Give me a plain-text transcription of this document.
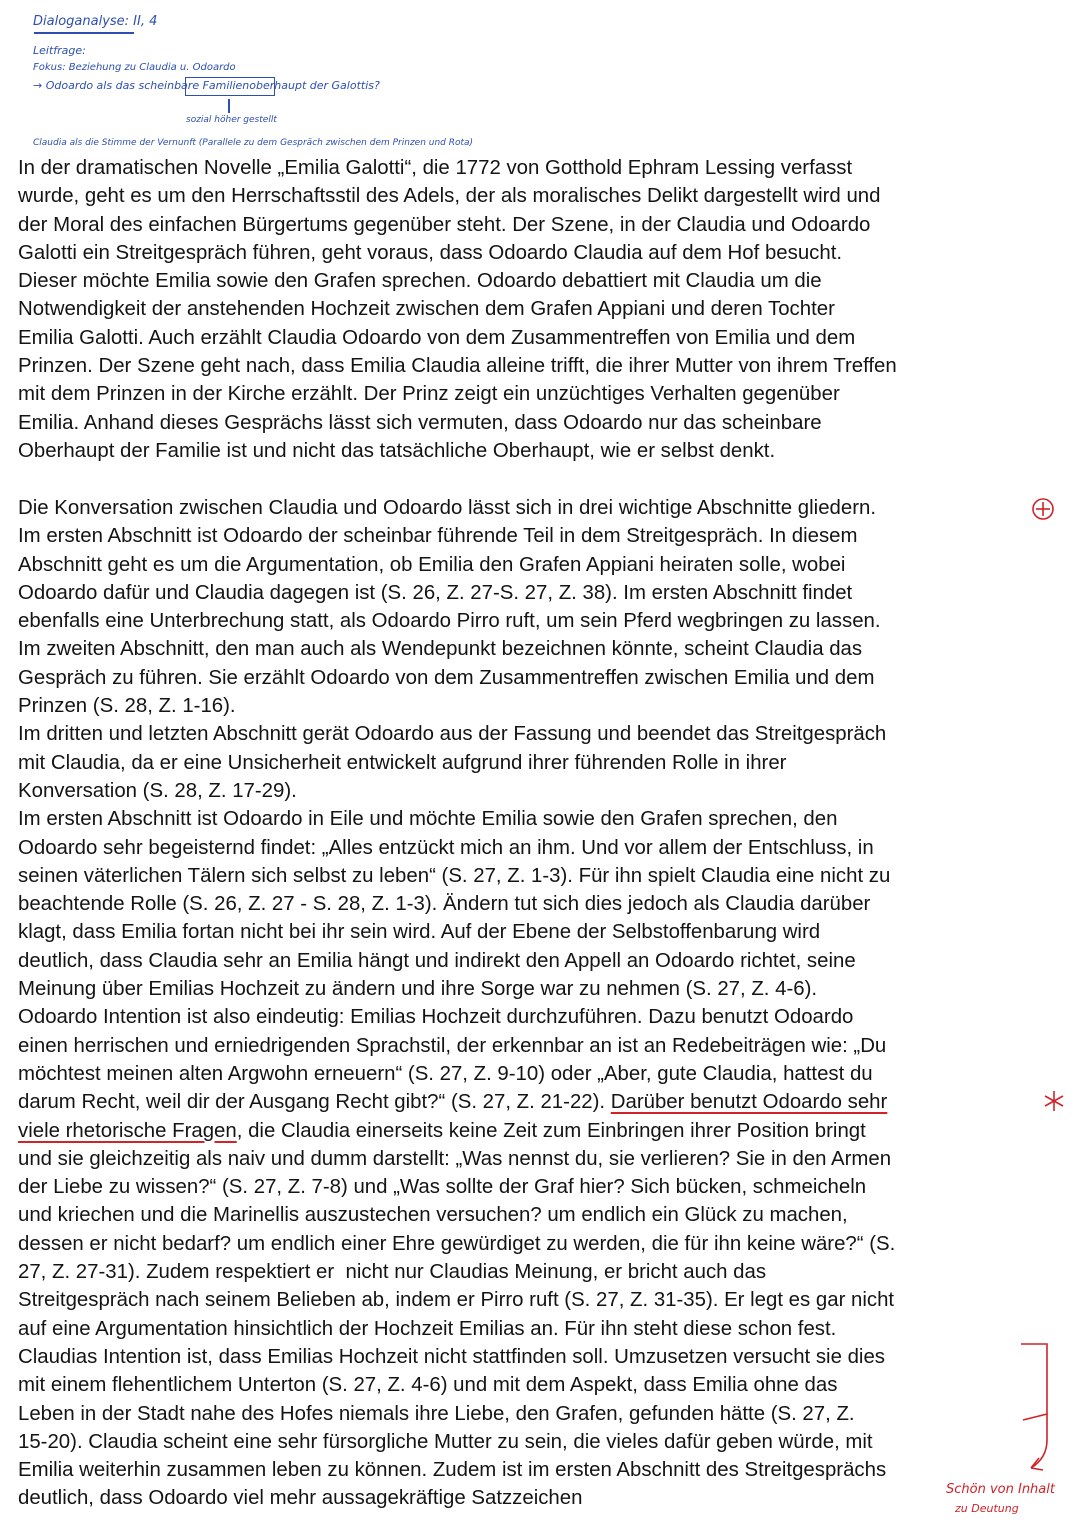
Dialoganalyse: II, 4
Leitfrage:
Fokus: Beziehung zu Claudia u. Odoardo
→ Odoardo als das scheinbare Familienoberhaupt der Galottis?
sozial höher gestellt
Claudia als die Stimme der Vernunft (Parallele zu dem Gespräch zwischen dem Prinzen und Rota)

In der dramatischen Novelle „Emilia Galotti“, die 1772 von Gotthold Ephram Lessing verfasst
wurde, geht es um den Herrschaftsstil des Adels, der als moralisches Delikt dargestellt wird und
der Moral des einfachen Bürgertums gegenüber steht. Der Szene, in der Claudia und Odoardo
Galotti ein Streitgespräch führen, geht voraus, dass Odoardo Claudia auf dem Hof besucht.
Dieser möchte Emilia sowie den Grafen sprechen. Odoardo debattiert mit Claudia um die
Notwendigkeit der anstehenden Hochzeit zwischen dem Grafen Appiani und deren Tochter
Emilia Galotti. Auch erzählt Claudia Odoardo von dem Zusammentreffen von Emilia und dem
Prinzen. Der Szene geht nach, dass Emilia Claudia alleine trifft, die ihrer Mutter von ihrem Treffen
mit dem Prinzen in der Kirche erzählt. Der Prinz zeigt ein unzüchtiges Verhalten gegenüber
Emilia. Anhand dieses Gesprächs lässt sich vermuten, dass Odoardo nur das scheinbare
Oberhaupt der Familie ist und nicht das tatsächliche Oberhaupt, wie er selbst denkt.

Die Konversation zwischen Claudia und Odoardo lässt sich in drei wichtige Abschnitte gliedern.
Im ersten Abschnitt ist Odoardo der scheinbar führende Teil in dem Streitgespräch. In diesem
Abschnitt geht es um die Argumentation, ob Emilia den Grafen Appiani heiraten solle, wobei
Odoardo dafür und Claudia dagegen ist (S. 26, Z. 27-S. 27, Z. 38). Im ersten Abschnitt findet
ebenfalls eine Unterbrechung statt, als Odoardo Pirro ruft, um sein Pferd wegbringen zu lassen.
Im zweiten Abschnitt, den man auch als Wendepunkt bezeichnen könnte, scheint Claudia das
Gespräch zu führen. Sie erzählt Odoardo von dem Zusammentreffen zwischen Emilia und dem
Prinzen (S. 28, Z. 1-16).
Im dritten und letzten Abschnitt gerät Odoardo aus der Fassung und beendet das Streitgespräch
mit Claudia, da er eine Unsicherheit entwickelt aufgrund ihrer führenden Rolle in ihrer
Konversation (S. 28, Z. 17-29).
Im ersten Abschnitt ist Odoardo in Eile und möchte Emilia sowie den Grafen sprechen, den
Odoardo sehr begeisternd findet: „Alles entzückt mich an ihm. Und vor allem der Entschluss, in
seinen väterlichen Tälern sich selbst zu leben“ (S. 27, Z. 1-3). Für ihn spielt Claudia eine nicht zu
beachtende Rolle (S. 26, Z. 27 - S. 28, Z. 1-3). Ändern tut sich dies jedoch als Claudia darüber
klagt, dass Emilia fortan nicht bei ihr sein wird. Auf der Ebene der Selbstoffenbarung wird
deutlich, dass Claudia sehr an Emilia hängt und indirekt den Appell an Odoardo richtet, seine
Meinung über Emilias Hochzeit zu ändern und ihre Sorge war zu nehmen (S. 27, Z. 4-6).
Odoardo Intention ist also eindeutig: Emilias Hochzeit durchzuführen. Dazu benutzt Odoardo
einen herrischen und erniedrigenden Sprachstil, der erkennbar an ist an Redebeiträgen wie: „Du
möchtest meinen alten Argwohn erneuern“ (S. 27, Z. 9-10) oder „Aber, gute Claudia, hattest du
darum Recht, weil dir der Ausgang Recht gibt?“ (S. 27, Z. 21-22). Darüber benutzt Odoardo sehr
viele rhetorische Fragen, die Claudia einerseits keine Zeit zum Einbringen ihrer Position bringt
und sie gleichzeitig als naiv und dumm darstellt: „Was nennst du, sie verlieren? Sie in den Armen
der Liebe zu wissen?“ (S. 27, Z. 7-8) und „Was sollte der Graf hier? Sich bücken, schmeicheln
und kriechen und die Marinellis auszustechen versuchen? um endlich ein Glück zu machen,
dessen er nicht bedarf? um endlich einer Ehre gewürdiget zu werden, die für ihn keine wäre?“ (S.
27, Z. 27-31). Zudem respektiert er  nicht nur Claudias Meinung, er bricht auch das
Streitgespräch nach seinem Belieben ab, indem er Pirro ruft (S. 27, Z. 31-35). Er legt es gar nicht
auf eine Argumentation hinsichtlich der Hochzeit Emilias an. Für ihn steht diese schon fest.
Claudias Intention ist, dass Emilias Hochzeit nicht stattfinden soll. Umzusetzen versucht sie dies
mit einem flehentlichem Unterton (S. 27, Z. 4-6) und mit dem Aspekt, dass Emilia ohne das
Leben in der Stadt nahe des Hofes niemals ihre Liebe, den Grafen, gefunden hätte (S. 27, Z.
15-20). Claudia scheint eine sehr fürsorgliche Mutter zu sein, die vieles dafür geben würde, mit
Emilia weiterhin zusammen leben zu können. Zudem ist im ersten Abschnitt des Streitgesprächs
deutlich, dass Odoardo viel mehr aussagekräftige Satzzeichen	Schön von Inhalt
zu Deutung
